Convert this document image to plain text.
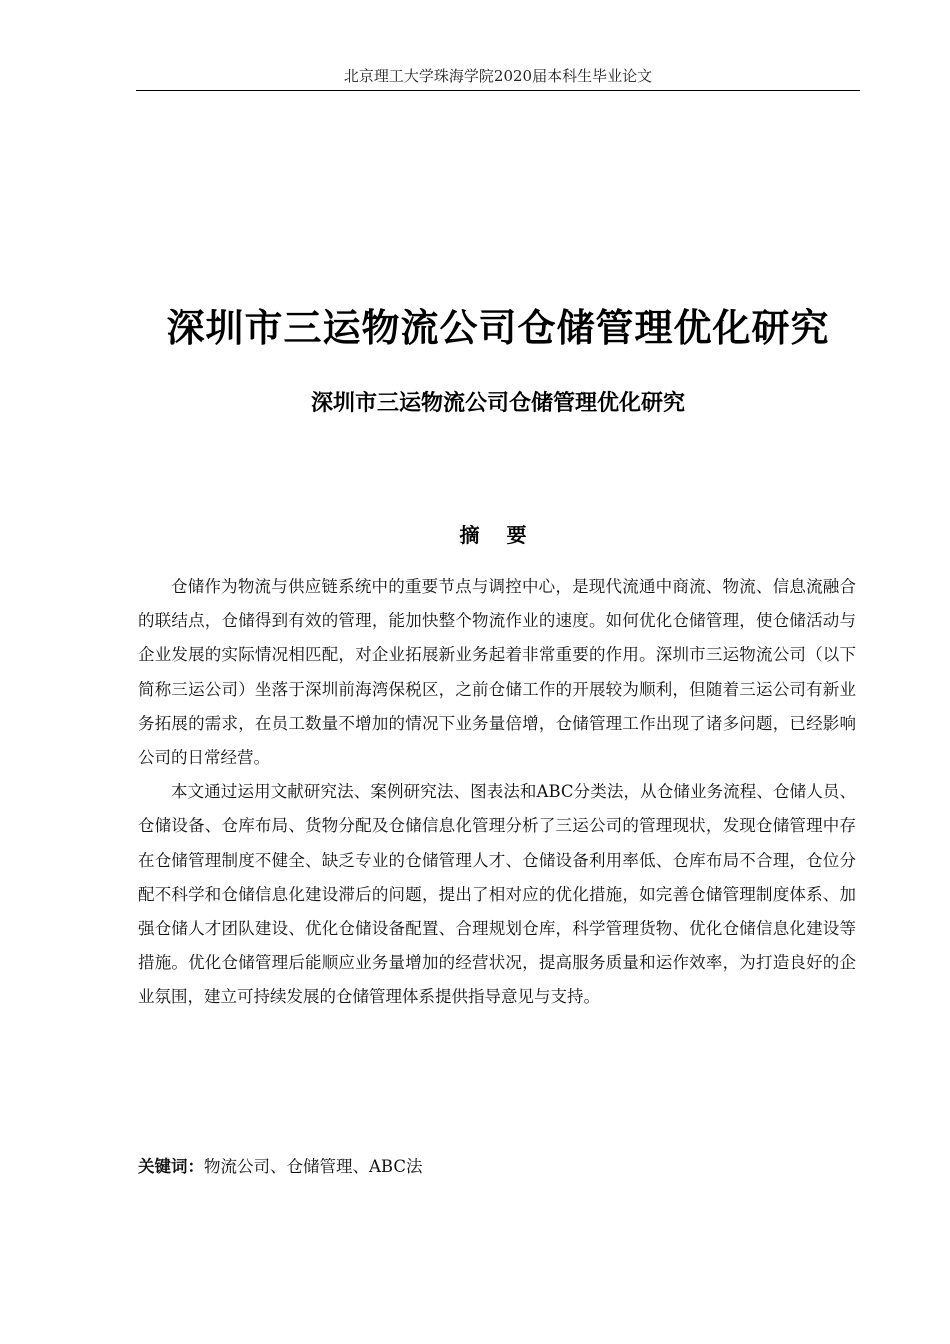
北京理工大学珠海学院2020届本科生毕业论文
深圳市三运物流公司仓储管理优化研究
深圳市三运物流公司仓储管理优化研究
摘 要

仓储作为物流与供应链系统中的重要节点与调控中心，是现代流通中商流、物流、信息流融合的联结点，仓储得到有效的管理，能加快整个物流作业的速度。如何优化仓储管理，使仓储活动与企业发展的实际情况相匹配，对企业拓展新业务起着非常重要的作用。深圳市三运物流公司（以下简称三运公司）坐落于深圳前海湾保税区，之前仓储工作的开展较为顺利，但随着三运公司有新业务拓展的需求，在员工数量不增加的情况下业务量倍增，仓储管理工作出现了诸多问题，已经影响公司的日常经营。

本文通过运用文献研究法、案例研究法、图表法和ABC分类法，从仓储业务流程、仓储人员、仓储设备、仓库布局、货物分配及仓储信息化管理分析了三运公司的管理现状，发现仓储管理中存在仓储管理制度不健全、缺乏专业的仓储管理人才、仓储设备利用率低、仓库布局不合理，仓位分配不科学和仓储信息化建设滞后的问题，提出了相对应的优化措施，如完善仓储管理制度体系、加强仓储人才团队建设、优化仓储设备配置、合理规划仓库，科学管理货物、优化仓储信息化建设等措施。优化仓储管理后能顺应业务量增加的经营状况，提高服务质量和运作效率，为打造良好的企业氛围，建立可持续发展的仓储管理体系提供指导意见与支持。

关键词：物流公司、仓储管理、ABC法
